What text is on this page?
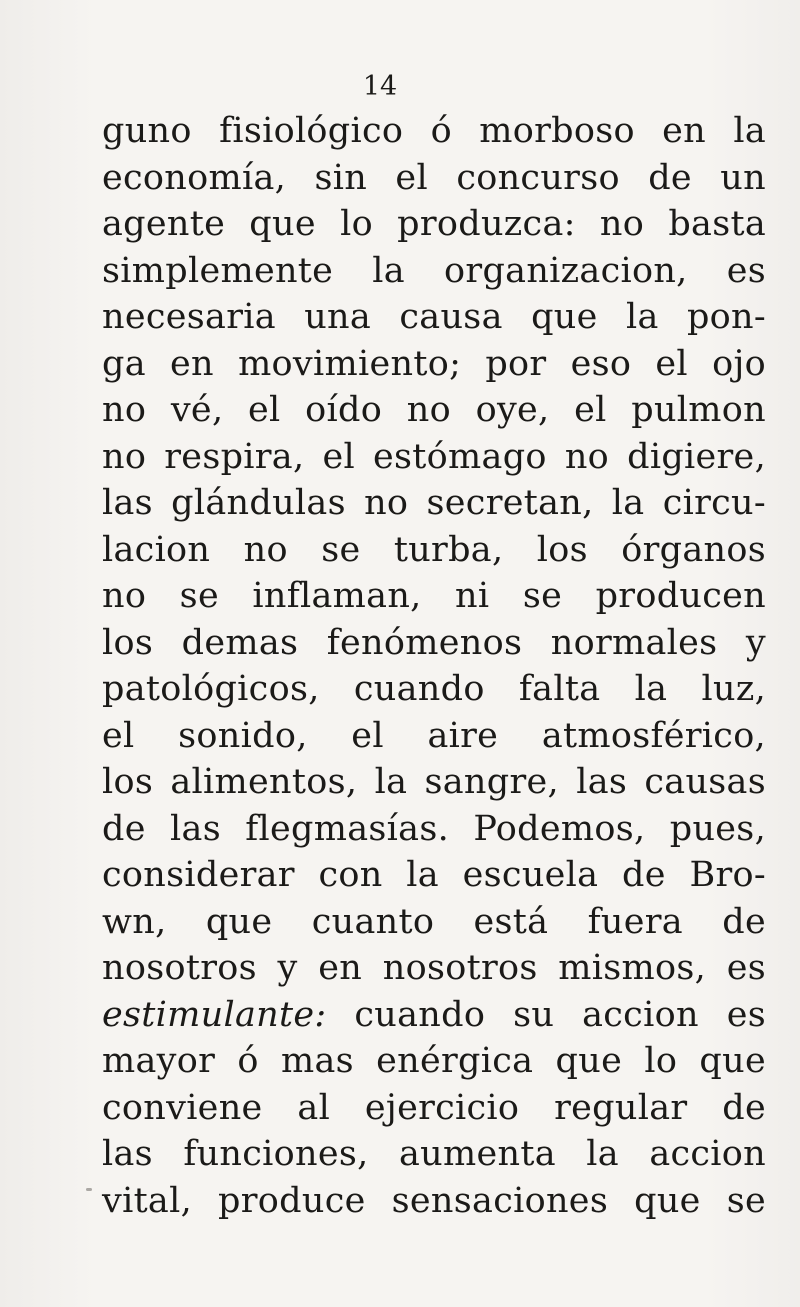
14
guno fisiológico ó morboso en la
economía, sin el concurso de un
agente que lo produzca: no basta
simplemente la organizacion, es
necesaria una causa que la pon-
ga en movimiento; por eso el ojo
no vé, el oído no oye, el pulmon
no respira, el estómago no digiere,
las glándulas no secretan, la circu-
lacion no se turba, los órganos
no se inflaman, ni se producen
los demas fenómenos normales y
patológicos, cuando falta la luz,
el sonido, el aire atmosférico,
los alimentos, la sangre, las causas
de las flegmasías. Podemos, pues,
considerar con la escuela de Bro-
wn, que cuanto está fuera de
nosotros y en nosotros mismos, es
estimulante: cuando su accion es
mayor ó mas enérgica que lo que
conviene al ejercicio regular de
las funciones, aumenta la accion
vital, produce sensaciones que se
